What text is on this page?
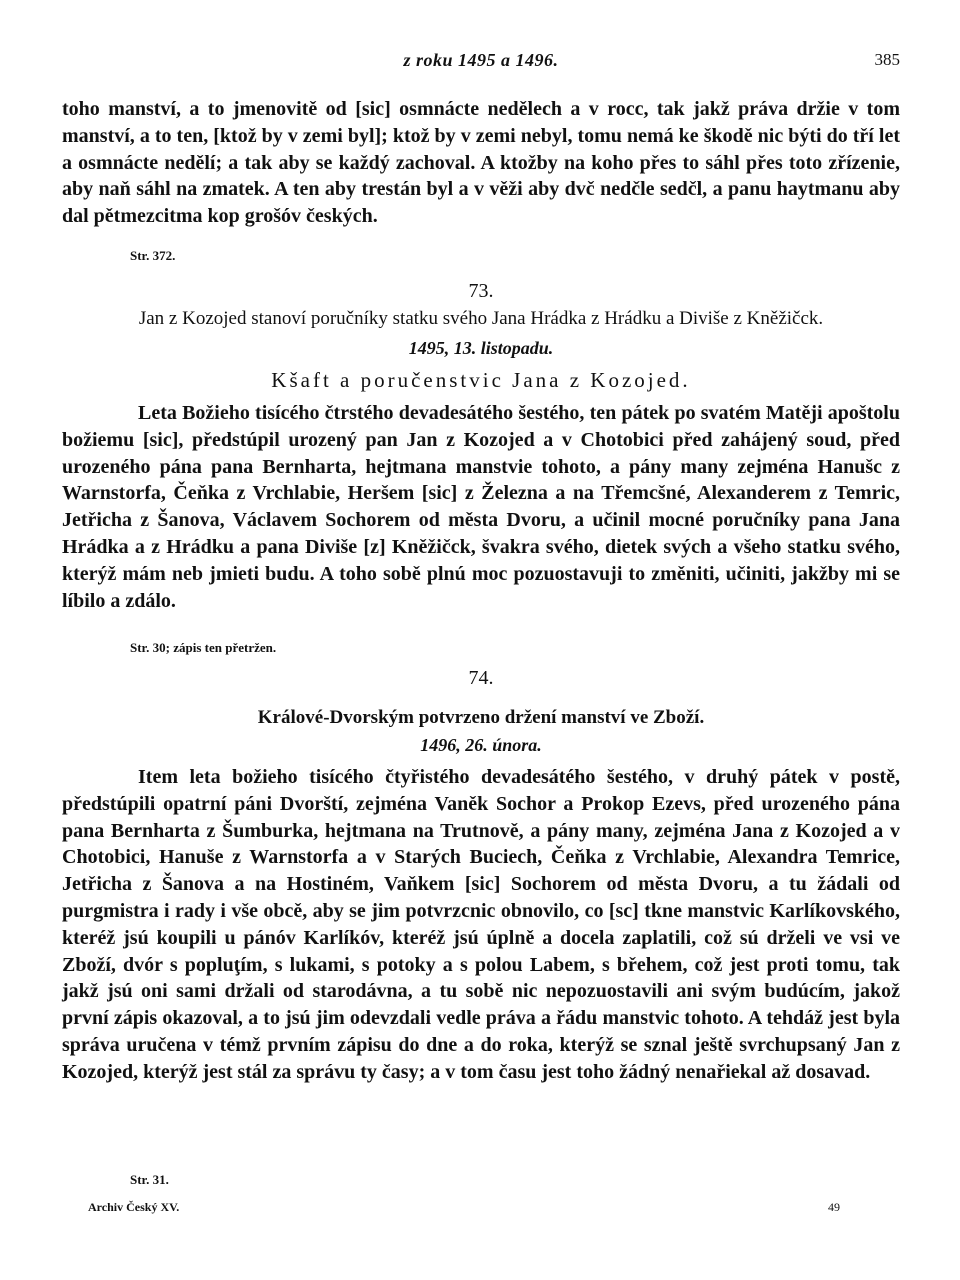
z roku 1495 a 1496.	385

toho manství, a to jmenovitě od [sic] osmnácte nedělech a v rocc, tak jakž práva držie v tom manství, a to ten, [ktož by v zemi byl]; ktož by v zemi nebyl, tomu nemá ke škodě nic býti do tří let a osmnácte nedělí; a tak aby se každý zachoval. A ktožby na koho přes to sáhl přes toto zřízenie, aby naň sáhl na zmatek. A ten aby trestán byl a v věži aby dvč nedčle sedčl, a panu haytmanu aby dal pětmezcitma kop grošóv českých.

Str. 372.
73.
Jan z Kozojed stanoví poručníky statku svého Jana Hrádka z Hrádku a Diviše z Kněžičck.
1495, 13. listopadu.
Kšaft a poručenstvic Jana z Kozojed.

Leta Božieho tisícého čtrstého devadesátého šestého, ten pátek po svatém Matěji apoštolu božiemu [sic], předstúpil urozený pan Jan z Kozojed a v Chotobici před zahájený soud, před urozeného pána pana Bernharta, hejtmana manstvie tohoto, a pány many zejména Hanušc z Warnstorfa, Čeňka z Vrchlabie, Heršem [sic] z Železna a na Třemcšné, Alexanderem z Temric, Jetřicha z Šanova, Václavem Sochorem od města Dvoru, a učinil mocné poručníky pana Jana Hrádka a z Hrádku a pana Diviše [z] Kněžičck, švakra svého, dietek svých a všeho statku svého, kterýž mám neb jmieti budu. A toho sobě plnú moc pozuostavuji to změniti, učiniti, jakžby mi se líbilo a zdálo.

Str. 30; zápis ten přetržen.
74.
Králové-Dvorským potvrzeno držení manství ve Zboží.
1496, 26. února.

Item leta božieho tisícého čtyřistého devadesátého šestého, v druhý pátek v postě, předstúpili opatrní páni Dvorští, zejména Vaněk Sochor a Prokop Ezevs, před urozeného pána pana Bernharta z Šumburka, hejtmana na Trutnově, a pány many, zejména Jana z Kozojed a v Chotobici, Hanuše z Warnstorfa a v Starých Buciech, Čeňka z Vrchlabie, Alexandra Temrice, Jetřicha z Šanova a na Hostiném, Vaňkem [sic] Sochorem od města Dvoru, a tu žádali od purgmistra i rady i vše obcě, aby se jim potvrzcnic obnovilo, co [sc] tkne manstvic Karlíkovského, kteréž jsú koupili u pánóv Karlíkóv, kteréž jsú úplně a docela zaplatili, což sú drželi ve vsi ve Zboží, dvór s popluţím, s lukami, s potoky a s polou Labem, s břehem, což jest proti tomu, tak jakž jsú oni sami držali od starodávna, a tu sobě nic nepozuostavili ani svým budúcím, jakož první zápis okazoval, a to jsú jim odevzdali vedle práva a řádu manstvic tohoto. A tehdáž jest byla správa uručena v témž prvním zápisu do dne a do roka, kterýž se sznal ještě svrchupsaný Jan z Kozojed, kterýž jest stál za správu ty časy; a v tom času jest toho žádný nenařiekal až dosavad.

Str. 31.
Archiv Český XV.	49
